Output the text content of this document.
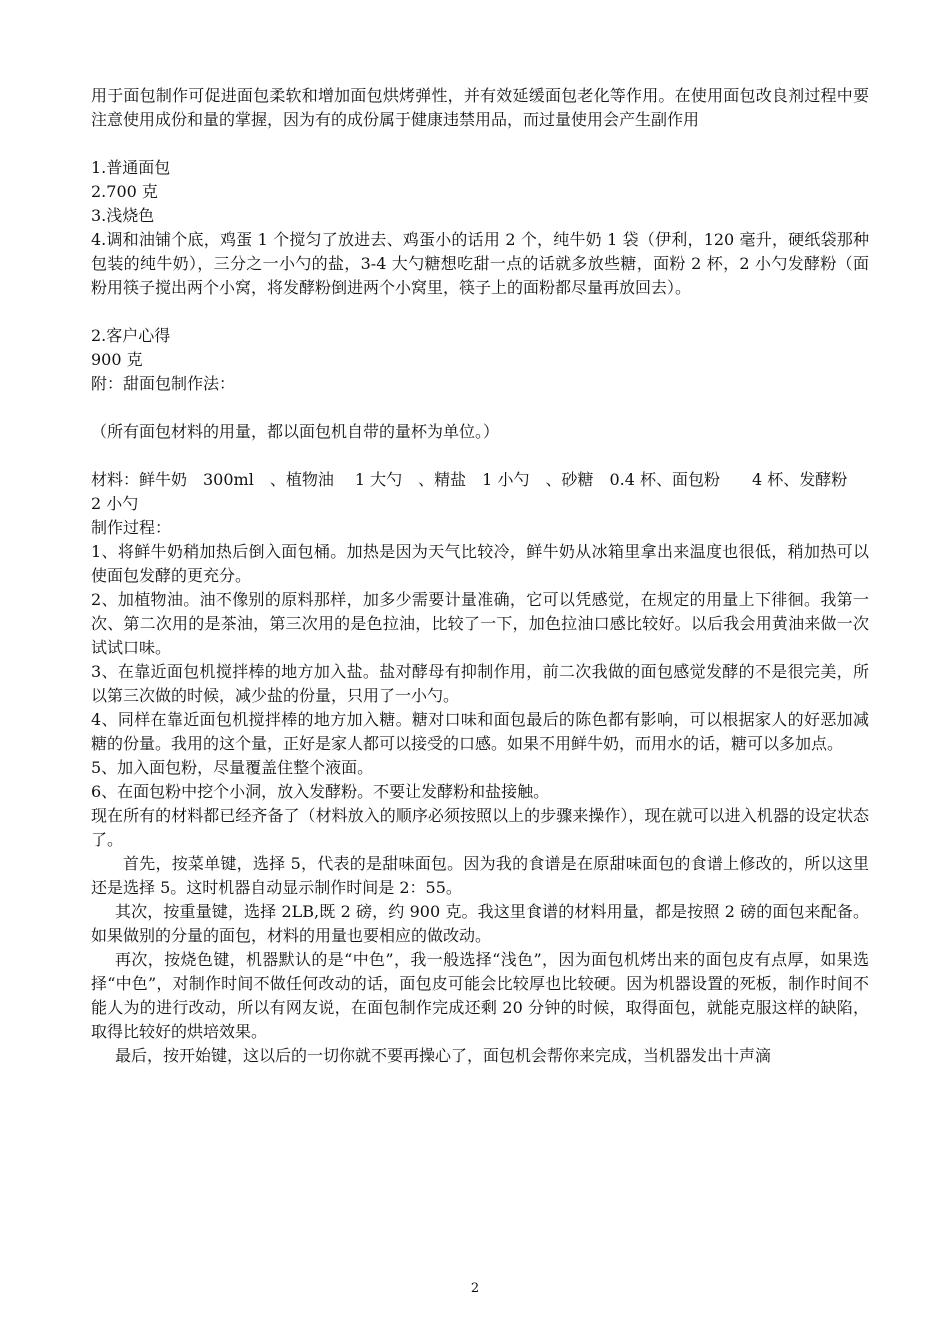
用于面包制作可促进面包柔软和增加面包烘烤弹性，并有效延缓面包老化等作用。在使用面包改良剂过程中要注意使用成份和量的掌握，因为有的成份属于健康违禁用品，而过量使用会产生副作用

1.普通面包

2.700 克

3.浅烧色

4.调和油铺个底，鸡蛋 1 个搅匀了放进去、鸡蛋小的话用 2 个，纯牛奶 1 袋（伊利，120 毫升，硬纸袋那种包装的纯牛奶），三分之一小勺的盐，3-4 大勺糖想吃甜一点的话就多放些糖，面粉 2 杯，2 小勺发酵粉（面粉用筷子搅出两个小窝，将发酵粉倒进两个小窝里，筷子上的面粉都尽量再放回去）。

2.客户心得

900 克

附：甜面包制作法：

（所有面包材料的用量，都以面包机自带的量杯为单位。）

材料：鲜牛奶　300ml　、植物油　 1 大勺　、精盐　1 小勺　、砂糖　0.4 杯、面包粉　　4 杯、发酵粉　　2 小勺

制作过程：

1、将鲜牛奶稍加热后倒入面包桶。加热是因为天气比较冷，鲜牛奶从冰箱里拿出来温度也很低，稍加热可以使面包发酵的更充分。

2、加植物油。油不像别的原料那样，加多少需要计量准确，它可以凭感觉，在规定的用量上下徘徊。我第一次、第二次用的是茶油，第三次用的是色拉油，比较了一下，加色拉油口感比较好。以后我会用黄油来做一次试试口味。

3、在靠近面包机搅拌棒的地方加入盐。盐对酵母有抑制作用，前二次我做的面包感觉发酵的不是很完美，所以第三次做的时候，减少盐的份量，只用了一小勺。

4、同样在靠近面包机搅拌棒的地方加入糖。糖对口味和面包最后的陈色都有影响，可以根据家人的好恶加减糖的份量。我用的这个量，正好是家人都可以接受的口感。如果不用鲜牛奶，而用水的话，糖可以多加点。

5、加入面包粉，尽量覆盖住整个液面。

6、在面包粉中挖个小洞，放入发酵粉。不要让发酵粉和盐接触。

现在所有的材料都已经齐备了（材料放入的顺序必须按照以上的步骤来操作），现在就可以进入机器的设定状态了。

首先，按菜单键，选择 5，代表的是甜味面包。因为我的食谱是在原甜味面包的食谱上修改的，所以这里还是选择 5。这时机器自动显示制作时间是 2：55。

其次，按重量键，选择 2LB,既 2 磅，约 900 克。我这里食谱的材料用量，都是按照 2 磅的面包来配备。如果做别的分量的面包，材料的用量也要相应的做改动。

再次，按烧色键，机器默认的是“中色”，我一般选择“浅色”，因为面包机烤出来的面包皮有点厚，如果选择“中色”，对制作时间不做任何改动的话，面包皮可能会比较厚也比较硬。因为机器设置的死板，制作时间不能人为的进行改动，所以有网友说，在面包制作完成还剩 20 分钟的时候，取得面包，就能克服这样的缺陷，取得比较好的烘培效果。

最后，按开始键，这以后的一切你就不要再操心了，面包机会帮你来完成，当机器发出十声滴

2
